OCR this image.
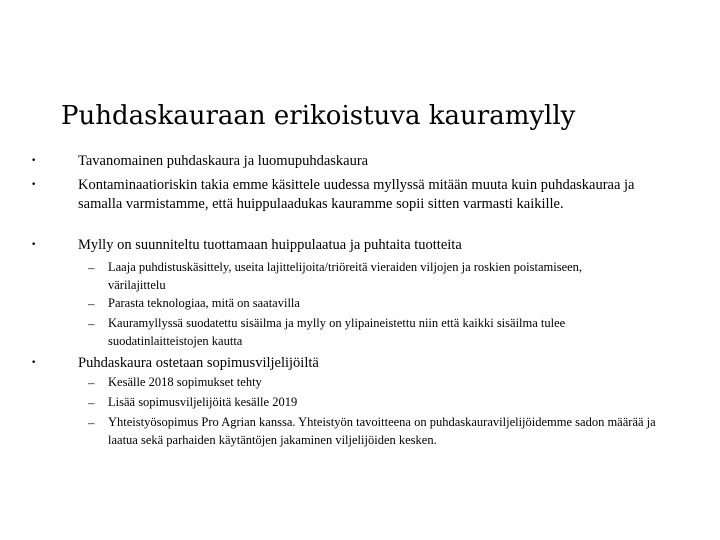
Puhdaskauraan erikoistuva kauramylly
•	Tavanomainen puhdaskaura ja luomupuhdaskaura
•	Kontaminaatioriskin takia emme käsittele uudessa myllyssä mitään muuta kuin puhdaskauraa ja samalla varmistamme, että huippulaadukas kauramme sopii sitten varmasti kaikille.
•	Mylly on suunniteltu tuottamaan huippulaatua ja puhtaita tuotteita
– Laaja puhdistuskäsittely, useita lajittelijoita/triöreitä vieraiden viljojen ja roskien poistamiseen, värilajittelu
– Parasta teknologiaa, mitä on saatavilla
– Kauramyllyssä suodatettu sisäilma ja mylly on ylipaineistettu niin että kaikki sisäilma tulee suodatinlaitteistojen kautta
•	Puhdaskaura ostetaan sopimusviljelijöiltä
– Kesälle 2018 sopimukset tehty
– Lisää sopimusviljelijöitä kesälle 2019
– Yhteistyösopimus Pro Agrian kanssa. Yhteistyön tavoitteena on puhdaskauraviljelijöidemme sadon määrää ja laatua sekä parhaiden käytäntöjen jakaminen viljelijöiden kesken.
